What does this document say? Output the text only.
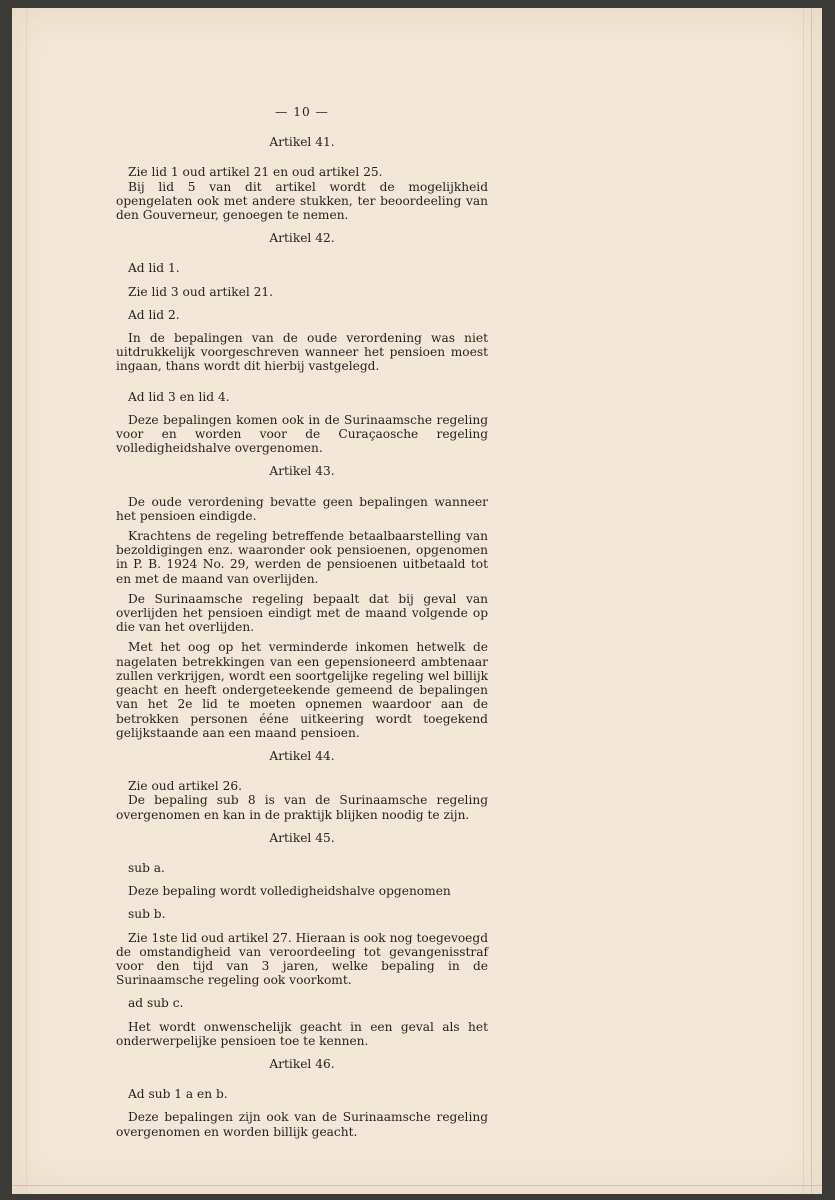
— 10 —
Artikel 41.

Zie lid 1 oud artikel 21 en oud artikel 25.

Bij lid 5 van dit artikel wordt de mogelijkheid opengelaten ook met andere stukken, ter beoordeeling van den Gouverneur, genoegen te nemen.

Artikel 42.

Ad lid 1.

Zie lid 3 oud artikel 21.

Ad lid 2.

In de bepalingen van de oude verordening was niet uitdrukkelijk voorgeschreven wanneer het pensioen moest ingaan, thans wordt dit hierbij vastgelegd.

Ad lid 3 en lid 4.

Deze bepalingen komen ook in de Surinaamsche regeling voor en worden voor de Curaçaosche regeling volledigheidshalve overgenomen.

Artikel 43.

De oude verordening bevatte geen bepalingen wanneer het pensioen eindigde.

Krachtens de regeling betreffende betaalbaarstelling van bezoldigingen enz. waaronder ook pensioenen, opgenomen in P. B. 1924 No. 29, werden de pensioenen uitbetaald tot en met de maand van overlijden.

De Surinaamsche regeling bepaalt dat bij geval van overlijden het pensioen eindigt met de maand volgende op die van het overlijden.

Met het oog op het verminderde inkomen hetwelk de nagelaten betrekkingen van een gepensioneerd ambtenaar zullen verkrijgen, wordt een soortgelijke regeling wel billijk geacht en heeft ondergeteekende gemeend de bepalingen van het 2e lid te moeten opnemen waardoor aan de betrokken personen ééne uitkeering wordt toegekend gelijkstaande aan een maand pensioen.

Artikel 44.

Zie oud artikel 26.

De bepaling sub 8 is van de Surinaamsche regeling overgenomen en kan in de praktijk blijken noodig te zijn.

Artikel 45.

sub a.

Deze bepaling wordt volledigheidshalve opgenomen

sub b.

Zie 1ste lid oud artikel 27. Hieraan is ook nog toegevoegd de omstandigheid van veroordeeling tot gevangenisstraf voor den tijd van 3 jaren, welke bepaling in de Surinaamsche regeling ook voorkomt.

ad sub c.

Het wordt onwenschelijk geacht in een geval als het onderwerpelijke pensioen toe te kennen.

Artikel 46.

Ad sub 1 a en b.

Deze bepalingen zijn ook van de Surinaamsche regeling overgenomen en worden billijk geacht.
